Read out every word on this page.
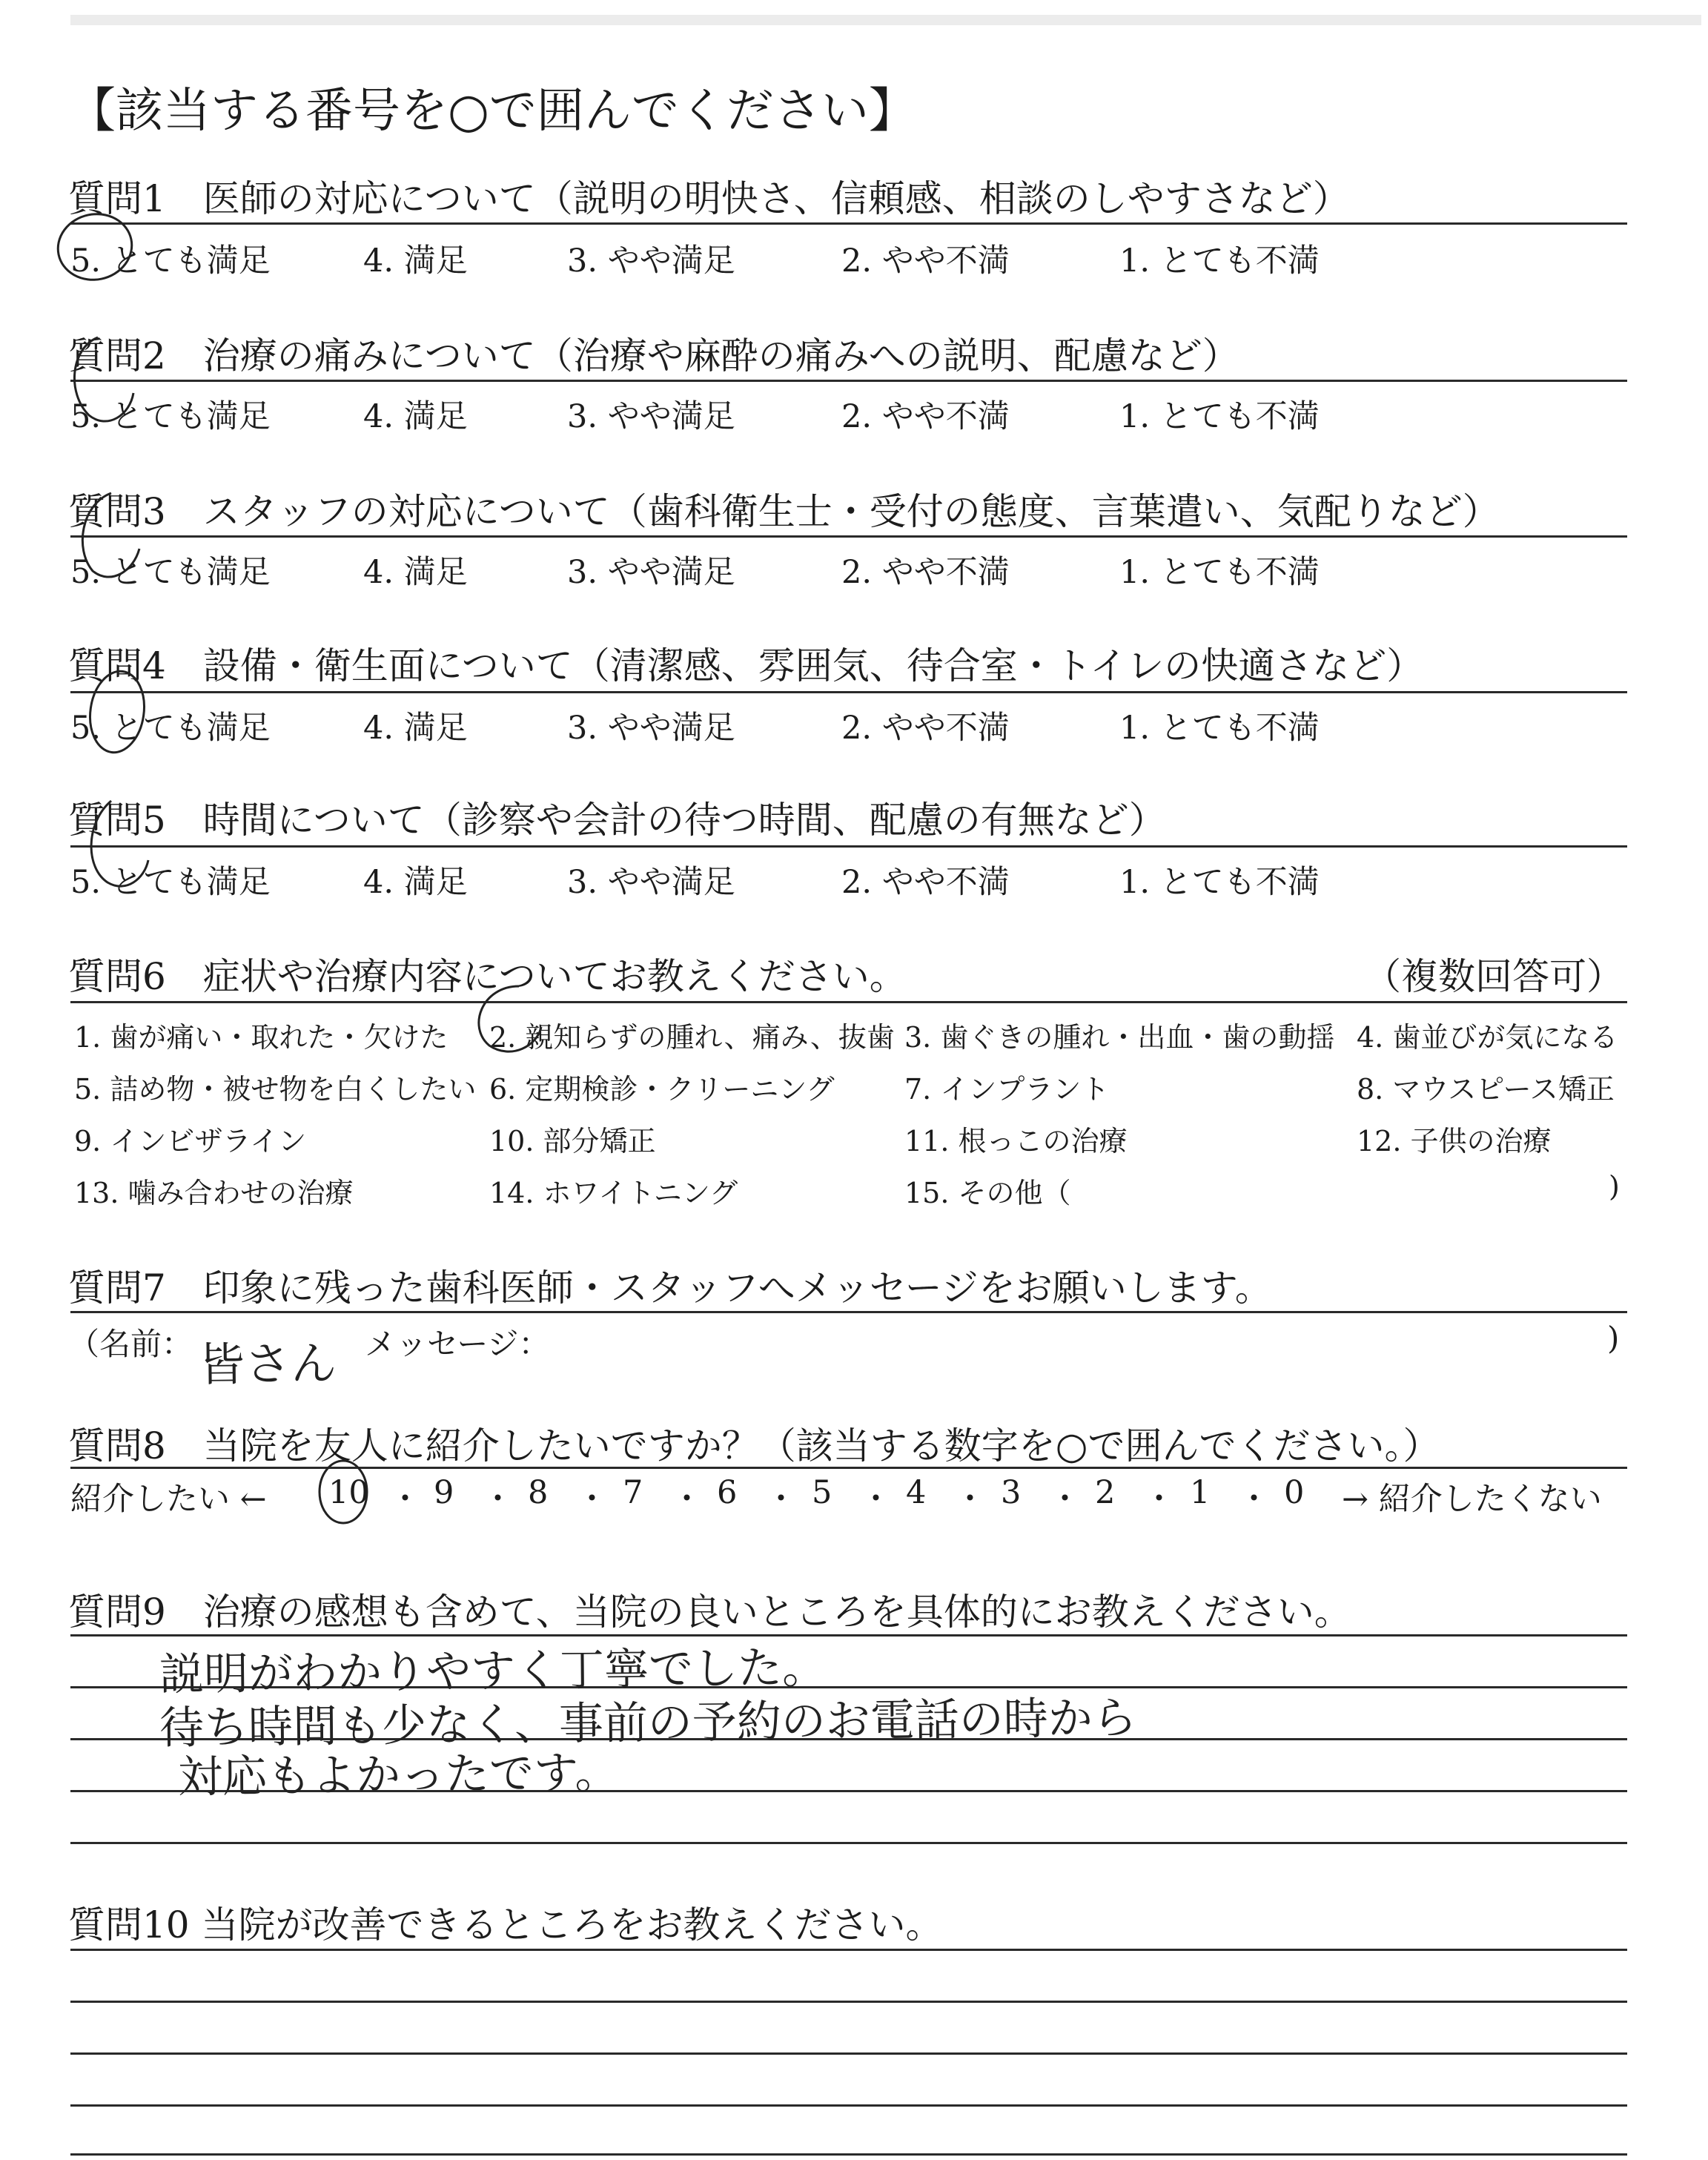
【該当する番号を○で囲んでください】
質問1　医師の対応について（説明の明快さ、信頼感、相談のしやすさなど）
5. とても満足	4. 満足	3. やや満足	2. やや不満	1. とても不満
質問2　治療の痛みについて（治療や麻酔の痛みへの説明、配慮など）
5. とても満足	4. 満足	3. やや満足	2. やや不満	1. とても不満
質問3　スタッフの対応について（歯科衛生士・受付の態度、言葉遣い、気配りなど）
5. とても満足	4. 満足	3. やや満足	2. やや不満	1. とても不満
質問4　設備・衛生面について（清潔感、雰囲気、待合室・トイレの快適さなど）
5. とても満足	4. 満足	3. やや満足	2. やや不満	1. とても不満
質問5　時間について（診察や会計の待つ時間、配慮の有無など）
5. とても満足	4. 満足	3. やや満足	2. やや不満	1. とても不満
質問6　症状や治療内容についてお教えください。	（複数回答可）
1. 歯が痛い・取れた・欠けた 2. 親知らずの腫れ、痛み、抜歯 3. 歯ぐきの腫れ・出血・歯の動揺 4. 歯並びが気になる
5. 詰め物・被せ物を白くしたい 6. 定期検診・クリーニング 7. インプラント	8. マウスピース矯正
9. インビザライン	10. 部分矯正	11. 根っこの治療	12. 子供の治療
13. 噛み合わせの治療	14. ホワイトニング	15. その他（	)
質問7　印象に残った歯科医師・スタッフへメッセージをお願いします。
（名前： 皆さん メッセージ：	)
質問8　当院を友人に紹介したいですか？（該当する数字を○で囲んでください。）
紹介したい ← 10 ・ 9 ・ 8 ・ 7 ・ 6 ・ 5 ・ 4 ・ 3 ・ 2 ・ 1 ・ 0 → 紹介したくない
質問9　治療の感想も含めて、当院の良いところを具体的にお教えください。
説明がわかりやすく丁寧でした。
待ち時間も少なく、事前の予約のお電話の時から
対応もよかったです。
質問10 当院が改善できるところをお教えください。
